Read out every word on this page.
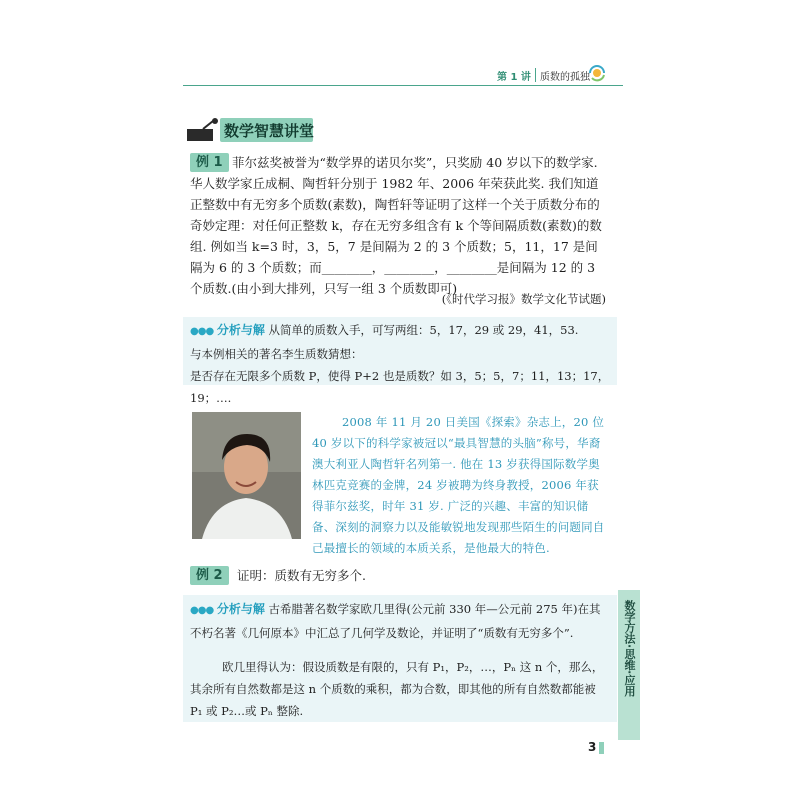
第 1 讲 质数的孤独
数学智慧讲堂
例 1 菲尔兹奖被誉为“数学界的诺贝尔奖”，只奖励 40 岁以下的数学家. 华人数学家丘成桐、陶哲轩分别于 1982 年、2006 年荣获此奖. 我们知道正整数中有无穷多个质数(素数)，陶哲轩等证明了这样一个关于质数分布的奇妙定理：对任何正整数 k，存在无穷多组含有 k 个等间隔质数(素数)的数组. 例如当 k=3 时，3，5，7 是间隔为 2 的 3 个质数；5，11，17 是间隔为 6 的 3 个质数；而________，________，________是间隔为 12 的 3 个质数.(由小到大排列，只写一组 3 个质数即可)
(《时代学习报》数学文化节试题)
●●● 分析与解 从简单的质数入手，可写两组：5，17，29 或 29，41，53.
与本例相关的著名李生质数猜想：
是否存在无限多个质数 P，使得 P+2 也是质数？如 3，5；5，7；11，13；17，19；….
2008 年 11 月 20 日美国《探索》杂志上，20 位 40 岁以下的科学家被冠以“最具智慧的头脑”称号，华裔澳大利亚人陶哲轩名列第一. 他在 13 岁获得国际数学奥林匹克竞赛的金牌，24 岁被聘为终身教授，2006 年获得菲尔兹奖，时年 31 岁. 广泛的兴趣、丰富的知识储备、深刻的洞察力以及能敏锐地发现那些陌生的问题同自己最擅长的领域的本质关系，是他最大的特色.
例 2	证明：质数有无穷多个.
●●● 分析与解 古希腊著名数学家欧几里得(公元前 330 年—公元前 275 年)在其不朽名著《几何原本》中汇总了几何学及数论，并证明了“质数有无穷多个”.
欧几里得认为：假设质数是有限的，只有 P₁，P₂，…，Pₙ 这 n 个，那么，其余所有自然数都是这 n 个质数的乘积，都为合数，即其他的所有自然数都能被 P₁ 或 P₂…或 Pₙ 整除.
数学方法·思维·应用
3
